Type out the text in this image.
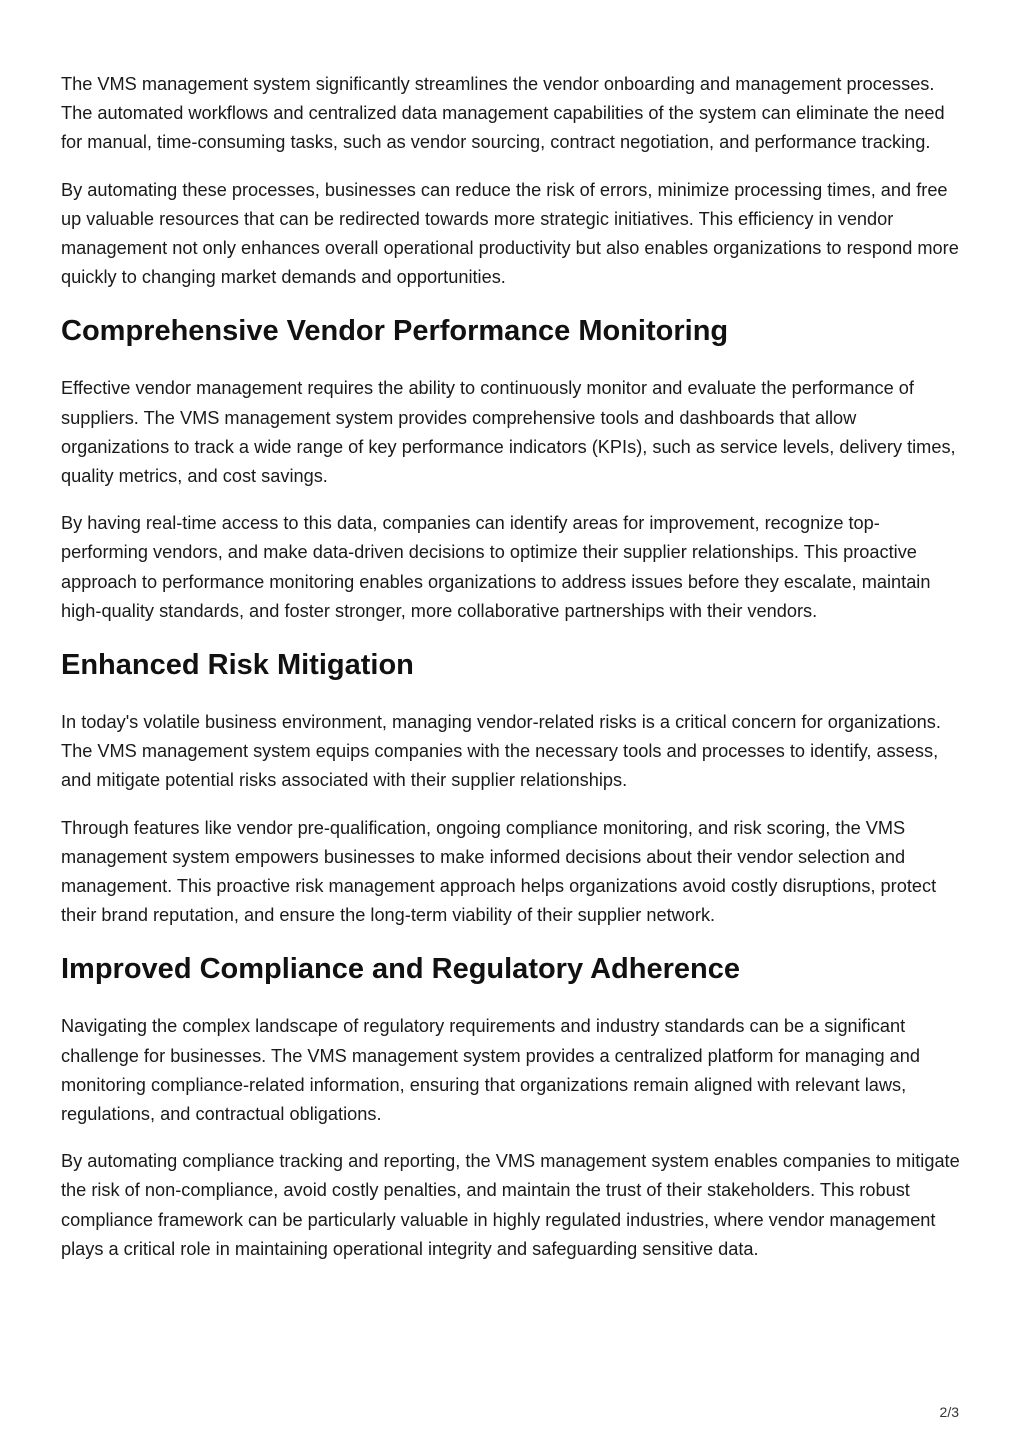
The VMS management system significantly streamlines the vendor onboarding and management processes. The automated workflows and centralized data management capabilities of the system can eliminate the need for manual, time-consuming tasks, such as vendor sourcing, contract negotiation, and performance tracking.

By automating these processes, businesses can reduce the risk of errors, minimize processing times, and free up valuable resources that can be redirected towards more strategic initiatives. This efficiency in vendor management not only enhances overall operational productivity but also enables organizations to respond more quickly to changing market demands and opportunities.

Comprehensive Vendor Performance Monitoring

Effective vendor management requires the ability to continuously monitor and evaluate the performance of suppliers. The VMS management system provides comprehensive tools and dashboards that allow organizations to track a wide range of key performance indicators (KPIs), such as service levels, delivery times, quality metrics, and cost savings.

By having real-time access to this data, companies can identify areas for improvement, recognize top-performing vendors, and make data-driven decisions to optimize their supplier relationships. This proactive approach to performance monitoring enables organizations to address issues before they escalate, maintain high-quality standards, and foster stronger, more collaborative partnerships with their vendors.

Enhanced Risk Mitigation

In today's volatile business environment, managing vendor-related risks is a critical concern for organizations. The VMS management system equips companies with the necessary tools and processes to identify, assess, and mitigate potential risks associated with their supplier relationships.

Through features like vendor pre-qualification, ongoing compliance monitoring, and risk scoring, the VMS management system empowers businesses to make informed decisions about their vendor selection and management. This proactive risk management approach helps organizations avoid costly disruptions, protect their brand reputation, and ensure the long-term viability of their supplier network.

Improved Compliance and Regulatory Adherence

Navigating the complex landscape of regulatory requirements and industry standards can be a significant challenge for businesses. The VMS management system provides a centralized platform for managing and monitoring compliance-related information, ensuring that organizations remain aligned with relevant laws, regulations, and contractual obligations.

By automating compliance tracking and reporting, the VMS management system enables companies to mitigate the risk of non-compliance, avoid costly penalties, and maintain the trust of their stakeholders. This robust compliance framework can be particularly valuable in highly regulated industries, where vendor management plays a critical role in maintaining operational integrity and safeguarding sensitive data.

2/3
